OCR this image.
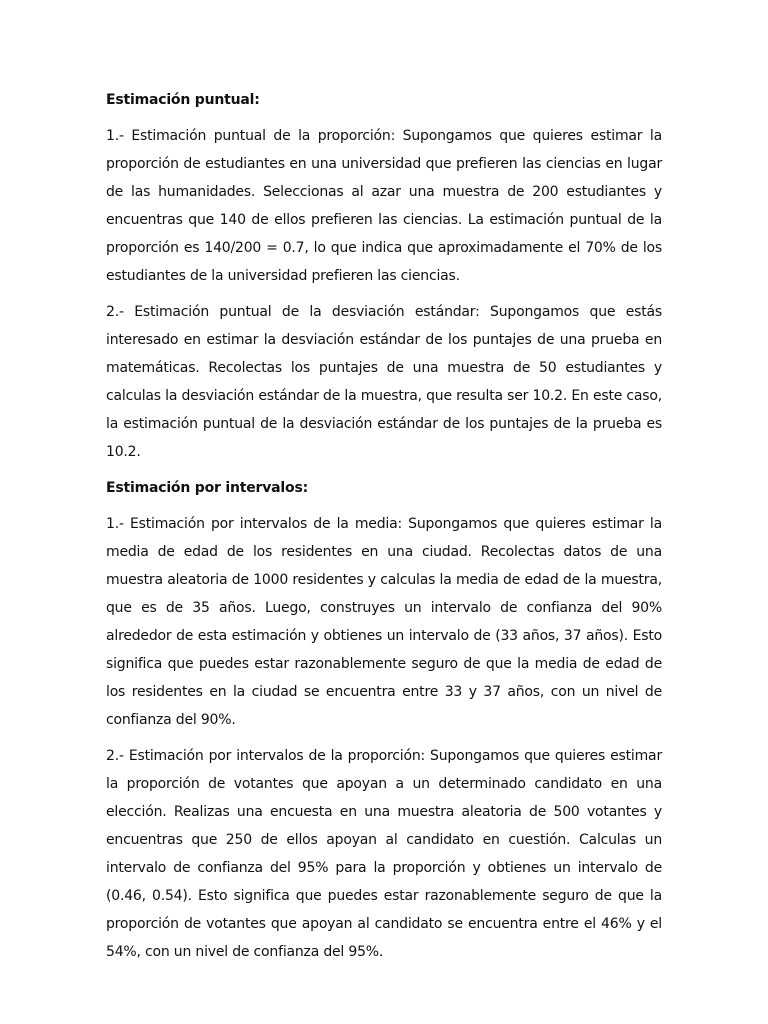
Estimación puntual:

1.- Estimación puntual de la proporción: Supongamos que quieres estimar la proporción de estudiantes en una universidad que prefieren las ciencias en lugar de las humanidades. Seleccionas al azar una muestra de 200 estudiantes y encuentras que 140 de ellos prefieren las ciencias. La estimación puntual de la proporción es 140/200 = 0.7, lo que indica que aproximadamente el 70% de los estudiantes de la universidad prefieren las ciencias.

2.- Estimación puntual de la desviación estándar: Supongamos que estás interesado en estimar la desviación estándar de los puntajes de una prueba en matemáticas. Recolectas los puntajes de una muestra de 50 estudiantes y calculas la desviación estándar de la muestra, que resulta ser 10.2. En este caso, la estimación puntual de la desviación estándar de los puntajes de la prueba es 10.2.

Estimación por intervalos:

1.- Estimación por intervalos de la media: Supongamos que quieres estimar la media de edad de los residentes en una ciudad. Recolectas datos de una muestra aleatoria de 1000 residentes y calculas la media de edad de la muestra, que es de 35 años. Luego, construyes un intervalo de confianza del 90% alrededor de esta estimación y obtienes un intervalo de (33 años, 37 años). Esto significa que puedes estar razonablemente seguro de que la media de edad de los residentes en la ciudad se encuentra entre 33 y 37 años, con un nivel de confianza del 90%.

2.- Estimación por intervalos de la proporción: Supongamos que quieres estimar la proporción de votantes que apoyan a un determinado candidato en una elección. Realizas una encuesta en una muestra aleatoria de 500 votantes y encuentras que 250 de ellos apoyan al candidato en cuestión. Calculas un intervalo de confianza del 95% para la proporción y obtienes un intervalo de (0.46, 0.54). Esto significa que puedes estar razonablemente seguro de que la proporción de votantes que apoyan al candidato se encuentra entre el 46% y el 54%, con un nivel de confianza del 95%.
